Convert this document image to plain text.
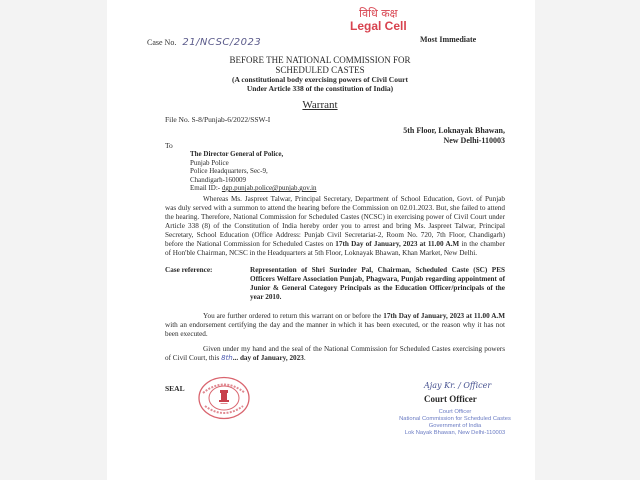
Case No. 21/NCSC/2023
विधि कक्ष
Legal Cell
Most Immediate
BEFORE THE NATIONAL COMMISSION FOR
SCHEDULED CASTES
(A constitutional body exercising powers of Civil Court
Under Article 338 of the constitution of India)
Warrant
File No. S-8/Punjab-6/2022/SSW-I
5th Floor, Loknayak Bhawan,
New Delhi-110003
To
The Director General of Police,
Punjab Police
Police Headquarters, Sec-9,
Chandigarh-160009
Email ID:- dgp.punjab.police@punjab.gov.in
Whereas Ms. Jaspreet Talwar, Principal Secretary, Department of School Education, Govt. of Punjab was duly served with a summon to attend the hearing before the Commission on 02.01.2023. But, she failed to attend the hearing. Therefore, National Commission for Scheduled Castes (NCSC) in exercising power of Civil Court under Article 338 (8) of the Constitution of India hereby order you to arrest and bring Ms. Jaspreet Talwar, Principal Secretary, School Education (Office Address: Punjab Civil Secretariat-2, Room No. 720, 7th Floor, Chandigarh) before the National Commission for Scheduled Castes on 17th Day of January, 2023 at 11.00 A.M in the chamber of Hon'ble Chairman, NCSC in the Headquarters at 5th Floor, Loknayak Bhawan, Khan Market, New Delhi.
Case reference:	Representation of Shri Surinder Pal, Chairman, Scheduled Caste (SC) PES Officers Welfare Association Punjab, Phagwara, Punjab regarding appointment of Junior & General Category Principals as the Education Officer/principals of the year 2010.
You are further ordered to return this warrant on or before the 17th Day of January, 2023 at 11.00 A.M with an endorsement certifying the day and the manner in which it has been executed, or the reason why it has not been executed.
Given under my hand and the seal of the National Commission for Scheduled Castes exercising powers of Civil Court, this 8th... day of January, 2023.
SEAL	Ajay Kr. / Officer
Court Officer
Court Officer
National Commission for Scheduled Castes
Government of India
Lok Nayak Bhawan, New Delhi-110003
